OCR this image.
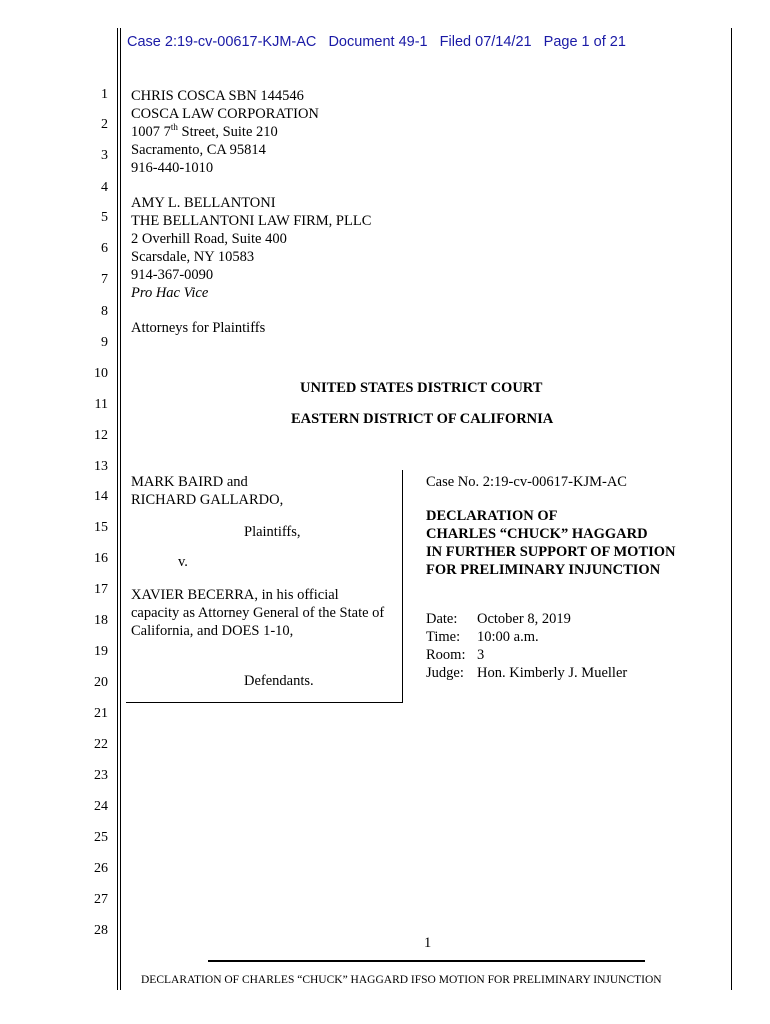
Case 2:19-cv-00617-KJM-AC   Document 49-1   Filed 07/14/21   Page 1 of 21
1
2
3
4
5
6
7
8
9
10
11
12
13
14
15
16
17
18
19
20
21
22
23
24
25
26
27
28
CHRIS COSCA SBN 144546
COSCA LAW CORPORATION
1007 7th Street, Suite 210
Sacramento, CA 95814
916-440-1010
AMY L. BELLANTONI
THE BELLANTONI LAW FIRM, PLLC
2 Overhill Road, Suite 400
Scarsdale, NY 10583
914-367-0090
Pro Hac Vice
Attorneys for Plaintiffs
UNITED STATES DISTRICT COURT
EASTERN DISTRICT OF CALIFORNIA
MARK BAIRD and
RICHARD GALLARDO,
Plaintiffs,
v.
XAVIER BECERRA, in his official
capacity as Attorney General of the State of
California, and DOES 1-10,
Defendants.
Case No. 2:19-cv-00617-KJM-AC
DECLARATION OF
CHARLES “CHUCK” HAGGARD
IN FURTHER SUPPORT OF MOTION
FOR PRELIMINARY INJUNCTION
Date: October 8, 2019
Time: 10:00 a.m.
Room: 3
Judge: Hon. Kimberly J. Mueller
1
DECLARATION OF CHARLES “CHUCK” HAGGARD IFSO MOTION FOR PRELIMINARY INJUNCTION
